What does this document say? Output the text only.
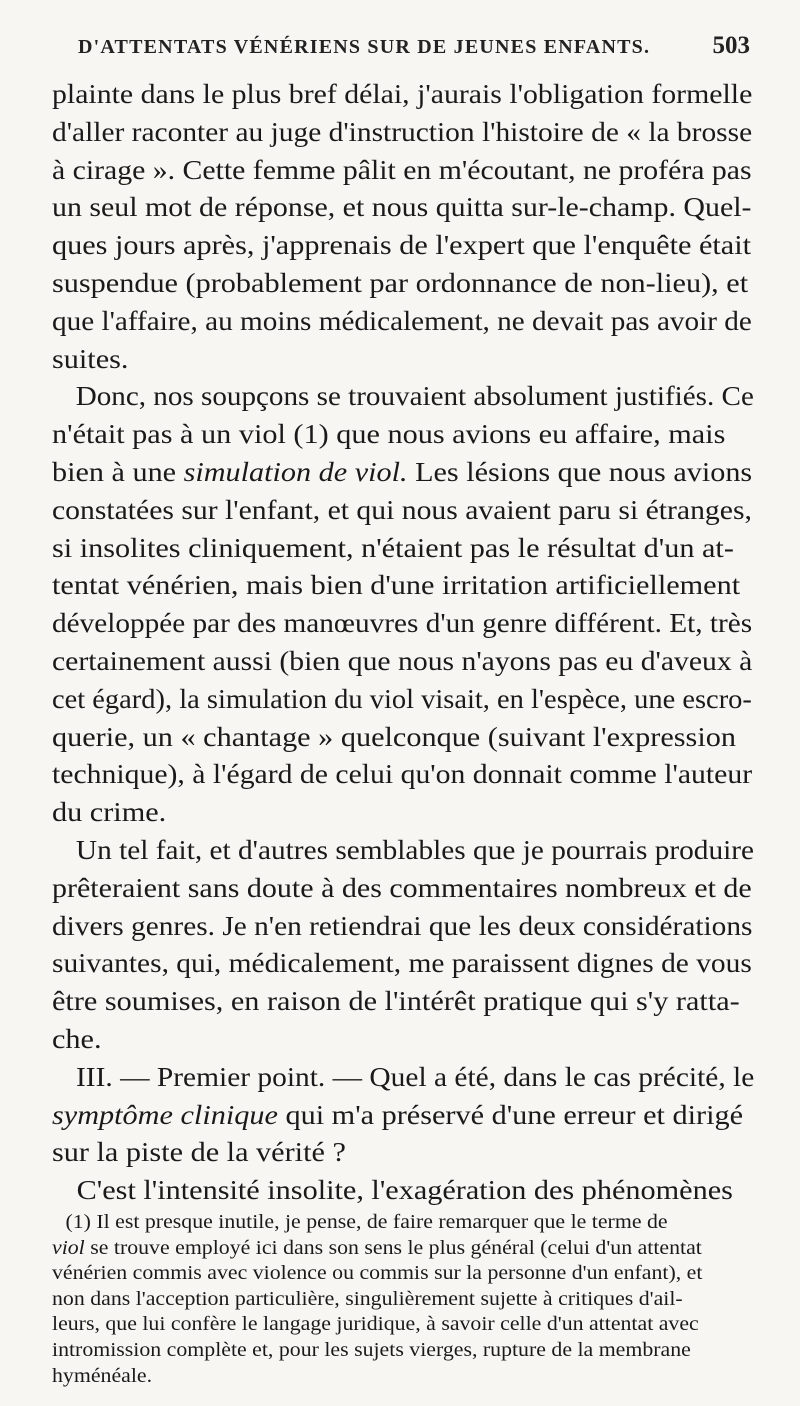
D'ATTENTATS VÉNÉRIENS SUR DE JEUNES ENFANTS. 503
plainte dans le plus bref délai, j'aurais l'obligation formelle
d'aller raconter au juge d'instruction l'histoire de « la brosse
à cirage ». Cette femme pâlit en m'écoutant, ne proféra pas
un seul mot de réponse, et nous quitta sur-le-champ. Quel-
ques jours après, j'apprenais de l'expert que l'enquête était
suspendue (probablement par ordonnance de non-lieu), et
que l'affaire, au moins médicalement, ne devait pas avoir de
suites.
Donc, nos soupçons se trouvaient absolument justifiés. Ce
n'était pas à un viol (1) que nous avions eu affaire, mais
bien à une simulation de viol. Les lésions que nous avions
constatées sur l'enfant, et qui nous avaient paru si étranges,
si insolites cliniquement, n'étaient pas le résultat d'un at-
tentat vénérien, mais bien d'une irritation artificiellement
développée par des manœuvres d'un genre différent. Et, très
certainement aussi (bien que nous n'ayons pas eu d'aveux à
cet égard), la simulation du viol visait, en l'espèce, une escro-
querie, un « chantage » quelconque (suivant l'expression
technique), à l'égard de celui qu'on donnait comme l'auteur
du crime.
Un tel fait, et d'autres semblables que je pourrais produire
prêteraient sans doute à des commentaires nombreux et de
divers genres. Je n'en retiendrai que les deux considérations
suivantes, qui, médicalement, me paraissent dignes de vous
être soumises, en raison de l'intérêt pratique qui s'y ratta-
che.
III. — Premier point. — Quel a été, dans le cas précité, le
symptôme clinique qui m'a préservé d'une erreur et dirigé
sur la piste de la vérité ?
C'est l'intensité insolite, l'exagération des phénomènes
(1) Il est presque inutile, je pense, de faire remarquer que le terme de
viol se trouve employé ici dans son sens le plus général (celui d'un attentat
vénérien commis avec violence ou commis sur la personne d'un enfant), et
non dans l'acception particulière, singulièrement sujette à critiques d'ail-
leurs, que lui confère le langage juridique, à savoir celle d'un attentat avec
intromission complète et, pour les sujets vierges, rupture de la membrane
hyménéale.
